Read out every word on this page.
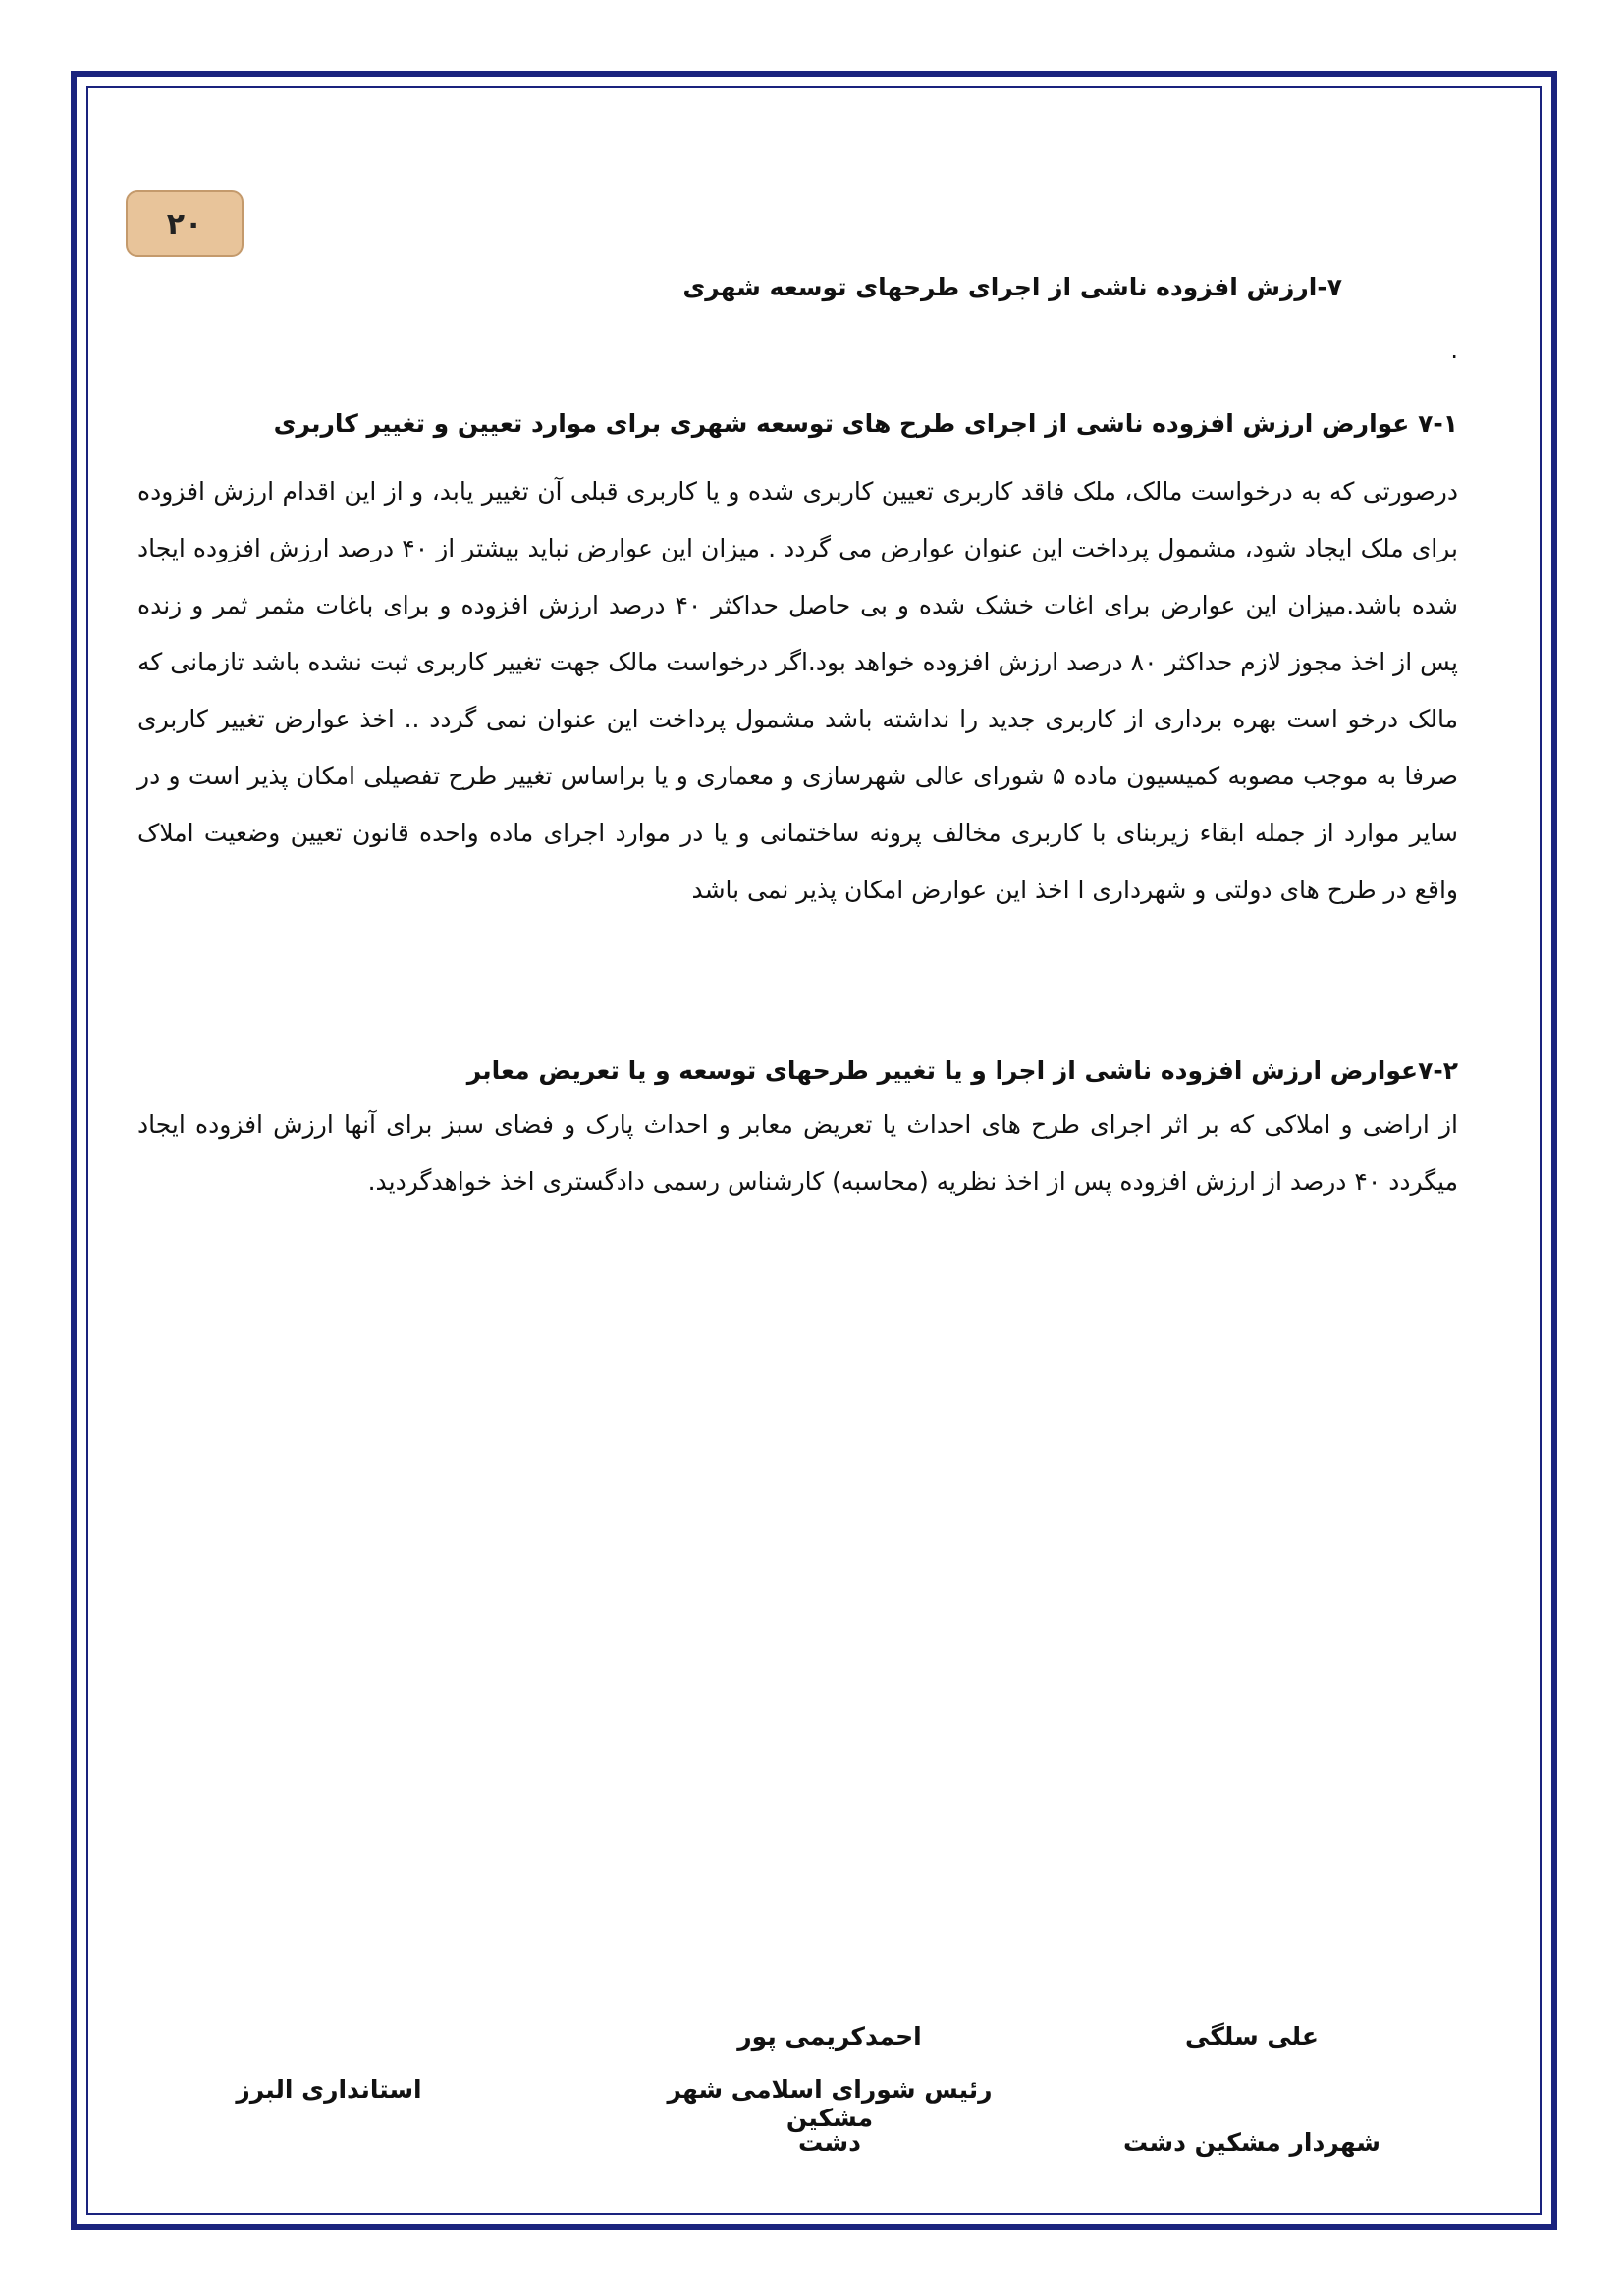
۲۰
۷-ارزش افزوده ناشی از اجرای طرحهای توسعه شهری
.
۷-۱ عوارض ارزش افزوده ناشی از اجرای طرح های توسعه شهری برای موارد تعیین و تغییر کاربری

درصورتی که به درخواست مالک، ملک فاقد کاربری تعیین کاربری شده و یا کاربری قبلی آن تغییر یابد، و از این اقدام ارزش افزوده برای ملک ایجاد شود، مشمول پرداخت این عنوان عوارض می گردد . میزان این عوارض نباید بیشتر از ۴۰ درصد ارزش افزوده ایجاد شده باشد.میزان این عوارض برای اغات خشک شده و بی حاصل حداکثر ۴۰ درصد ارزش افزوده و برای باغات مثمر ثمر و زنده پس از اخذ مجوز لازم حداکثر ۸۰ درصد ارزش افزوده خواهد بود.اگر درخواست مالک جهت تغییر کاربری ثبت نشده باشد تازمانی که مالک درخو است بهره برداری از کاربری جدید را نداشته باشد مشمول پرداخت این عنوان نمی گردد .. اخذ عوارض تغییر کاربری صرفا به موجب مصوبه کمیسیون ماده ۵ شورای عالی شهرسازی و معماری و یا براساس تغییر طرح تفصیلی امکان پذیر است و در سایر موارد از جمله ابقاء زیربنای با کاربری مخالف پرونه ساختمانی و یا در موارد اجرای ماده واحده قانون تعیین وضعیت املاک واقع در طرح های دولتی و شهرداری ا اخذ این عوارض امکان پذیر نمی باشد

۷-۲عوارض ارزش افزوده ناشی از اجرا و یا تغییر طرحهای توسعه و یا تعریض معابر

از اراضی و املاکی که بر اثر اجرای طرح های احداث یا تعریض معابر و احداث پارک و فضای سبز برای آنها ارزش افزوده ایجاد میگردد ۴۰ درصد از ارزش افزوده پس از اخذ نظریه (محاسبه) کارشناس رسمی دادگستری اخذ خواهدگردید.

علی سلگی
شهردار مشکین دشت
احمدکریمی پور
رئیس شورای اسلامی شهر مشکین
دشت
استانداری البرز
